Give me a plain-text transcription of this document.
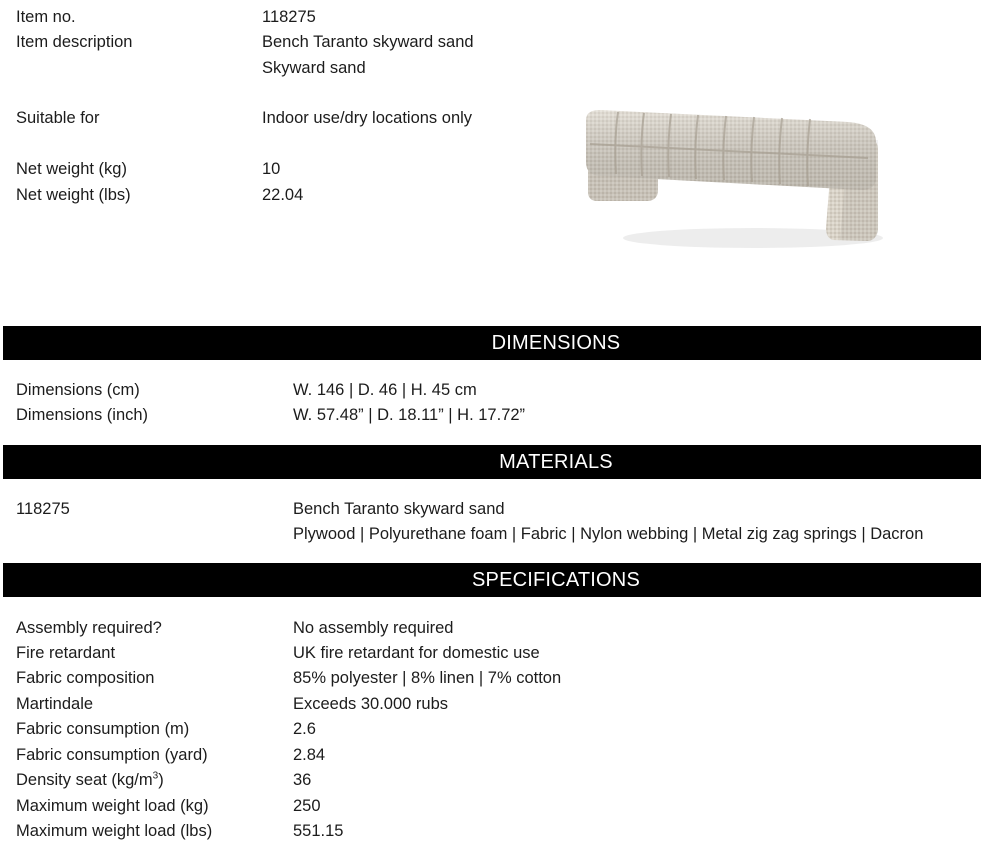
Item no.	118275
Item description	Bench Taranto skyward sand
Skyward sand
Suitable for	Indoor use/dry locations only
Net weight (kg)	10
Net weight (lbs)	22.04
DIMENSIONS
Dimensions (cm)	W. 146 | D. 46 | H. 45 cm
Dimensions (inch)	W. 57.48” | D. 18.11” | H. 17.72”
MATERIALS
118275	Bench Taranto skyward sand
Plywood | Polyurethane foam | Fabric | Nylon webbing | Metal zig zag springs | Dacron
SPECIFICATIONS
Assembly required?	No assembly required
Fire retardant	UK fire retardant for domestic use
Fabric composition	85% polyester | 8% linen | 7% cotton
Martindale	Exceeds 30.000 rubs
Fabric consumption (m)	2.6
Fabric consumption (yard)	2.84
Density seat $(kg/m^3)$	36
Maximum weight load (kg)	250
Maximum weight load (lbs)	551.15
